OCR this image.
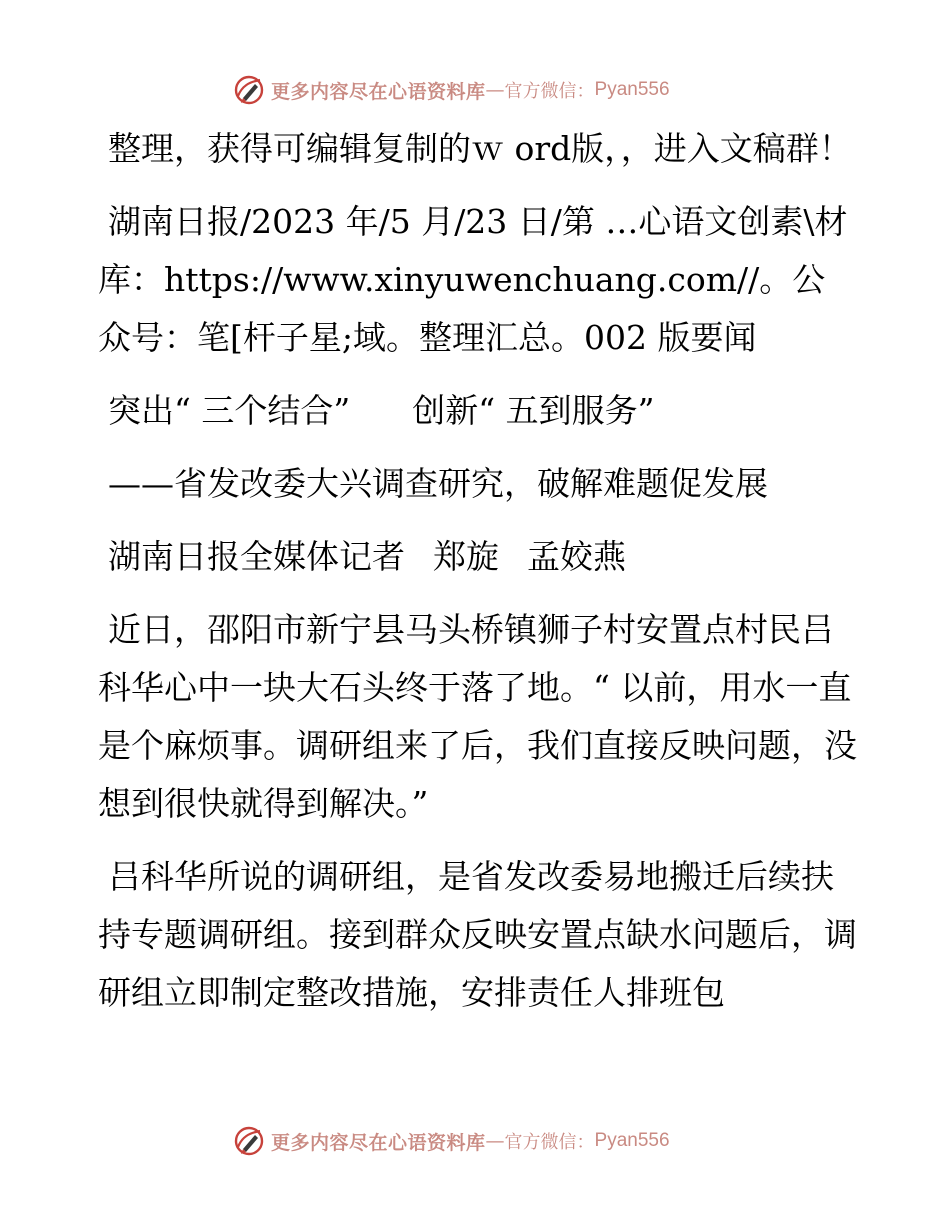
更多内容尽在心语资料库 — 官方微信： Pyan556

整理，获得可编辑复制的ｗ ord版，，进入文稿群！

湖南日报/2023 年/5 月/23 日/第 …心语文创素\材库：https://www.xinyuwenchuang.com//。公众号：笔[杆子星;域。整理汇总。002 版要闻

突出“ 三个结合” 创新“ 五到服务”

——省发改委大兴调查研究，破解难题促发展

湖南日报全媒体记者 郑旋 孟姣燕

近日，邵阳市新宁县马头桥镇狮子村安置点村民吕科华心中一块大石头终于落了地。“ 以前，用水一直是个麻烦事。调研组来了后，我们直接反映问题，没想到很快就得到解决。”

吕科华所说的调研组，是省发改委易地搬迁后续扶持专题调研组。接到群众反映安置点缺水问题后，调研组立即制定整改措施，安排责任人排班包

更多内容尽在心语资料库 — 官方微信： Pyan556
